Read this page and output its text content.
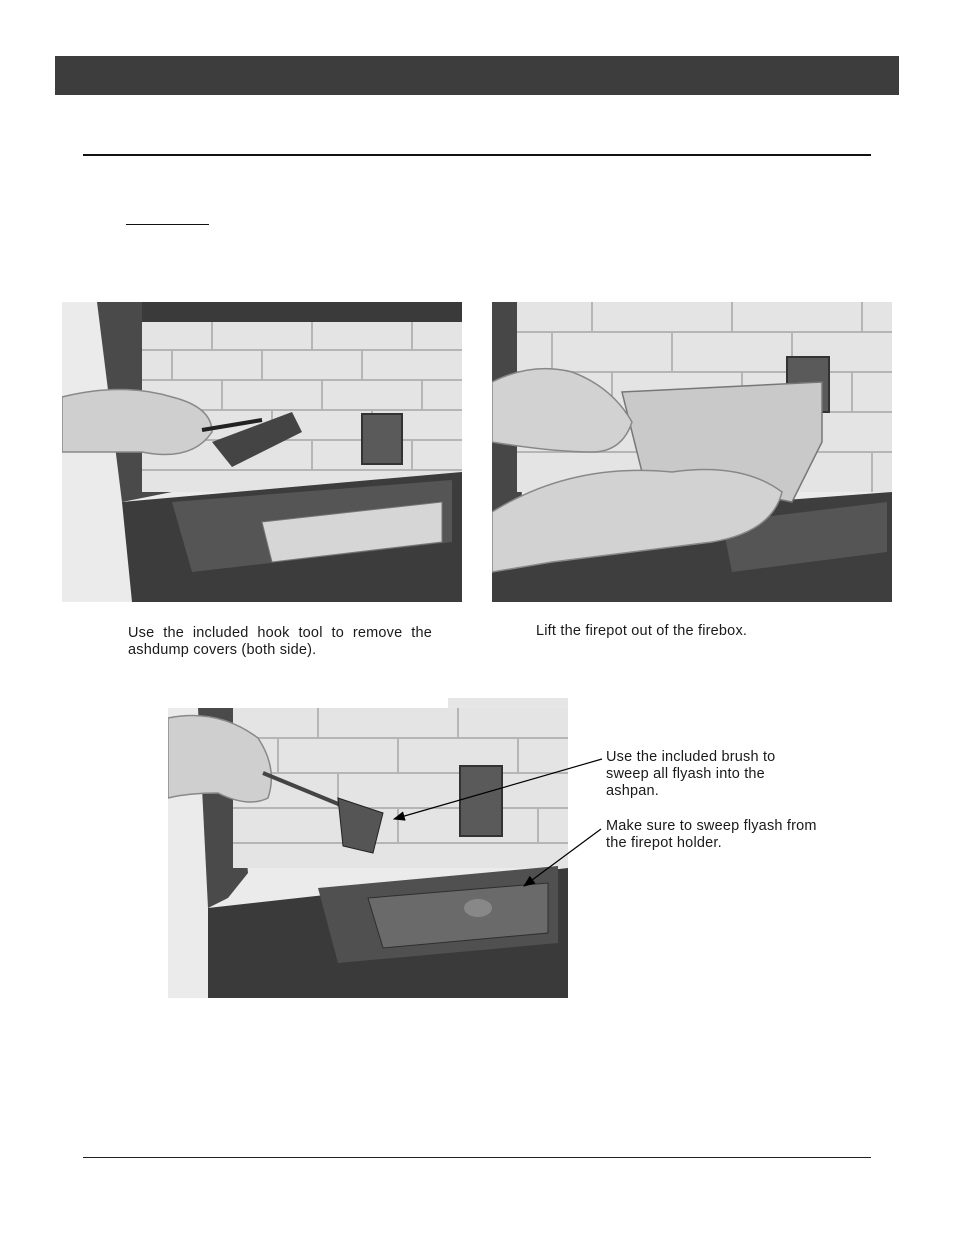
Use the included hook tool to remove the
ashdump covers (both side).

Lift the firepot out of the firebox.

Use the included brush to
sweep all flyash into the
ashpan.

Make sure to sweep flyash from
the firepot holder.
